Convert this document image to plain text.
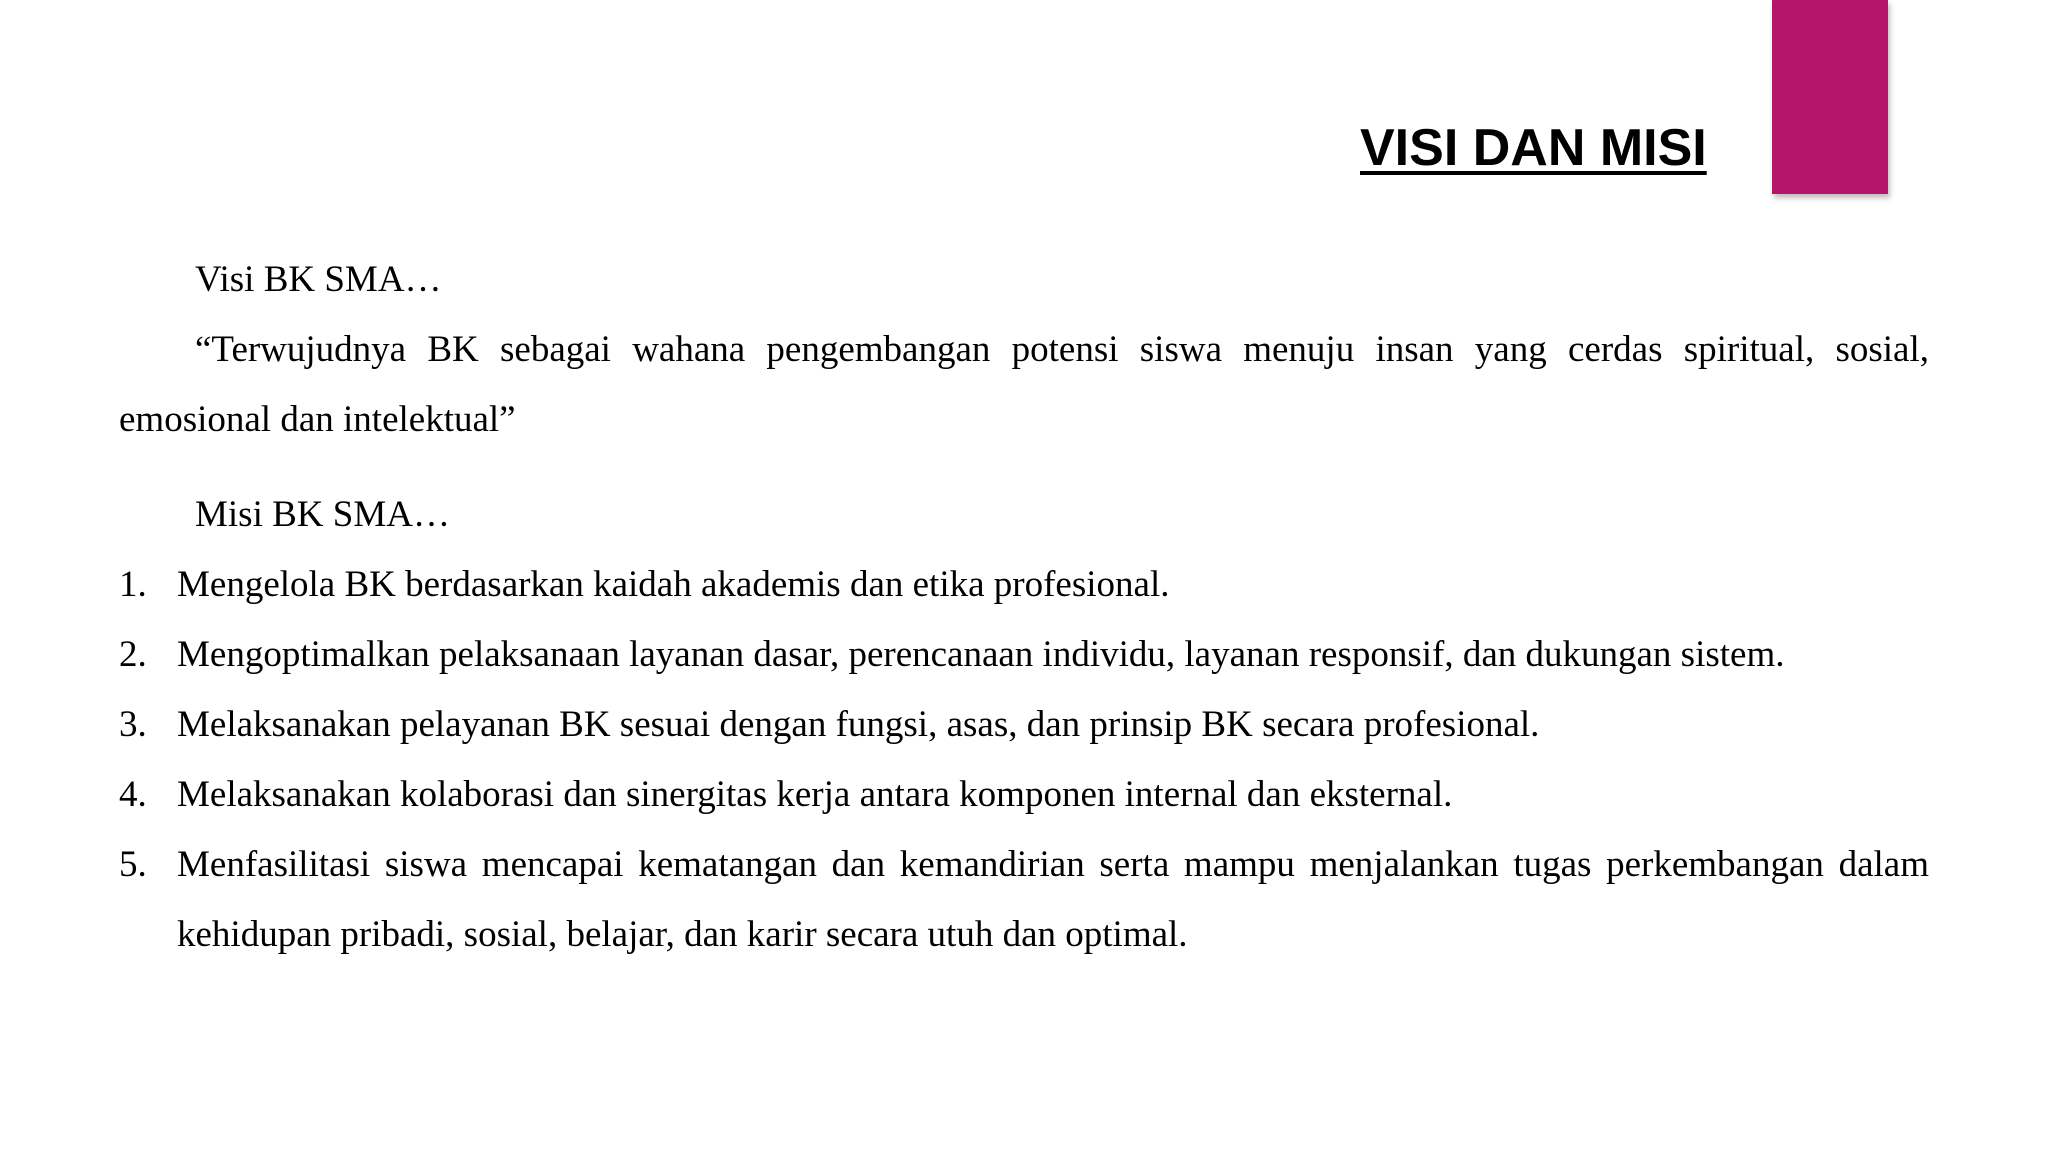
VISI DAN MISI

Visi BK SMA…

“Terwujudnya BK sebagai wahana pengembangan potensi siswa menuju insan yang cerdas spiritual, sosial, emosional dan intelektual”

Misi BK SMA…

1. Mengelola BK berdasarkan kaidah akademis dan etika profesional.
2. Mengoptimalkan pelaksanaan layanan dasar, perencanaan individu, layanan responsif, dan dukungan sistem.
3. Melaksanakan pelayanan BK sesuai dengan fungsi, asas, dan prinsip BK secara profesional.
4. Melaksanakan kolaborasi dan sinergitas kerja antara komponen internal dan eksternal.
5. Menfasilitasi siswa mencapai kematangan dan kemandirian serta mampu menjalankan tugas perkembangan dalam kehidupan pribadi, sosial, belajar, dan karir secara utuh dan optimal.
